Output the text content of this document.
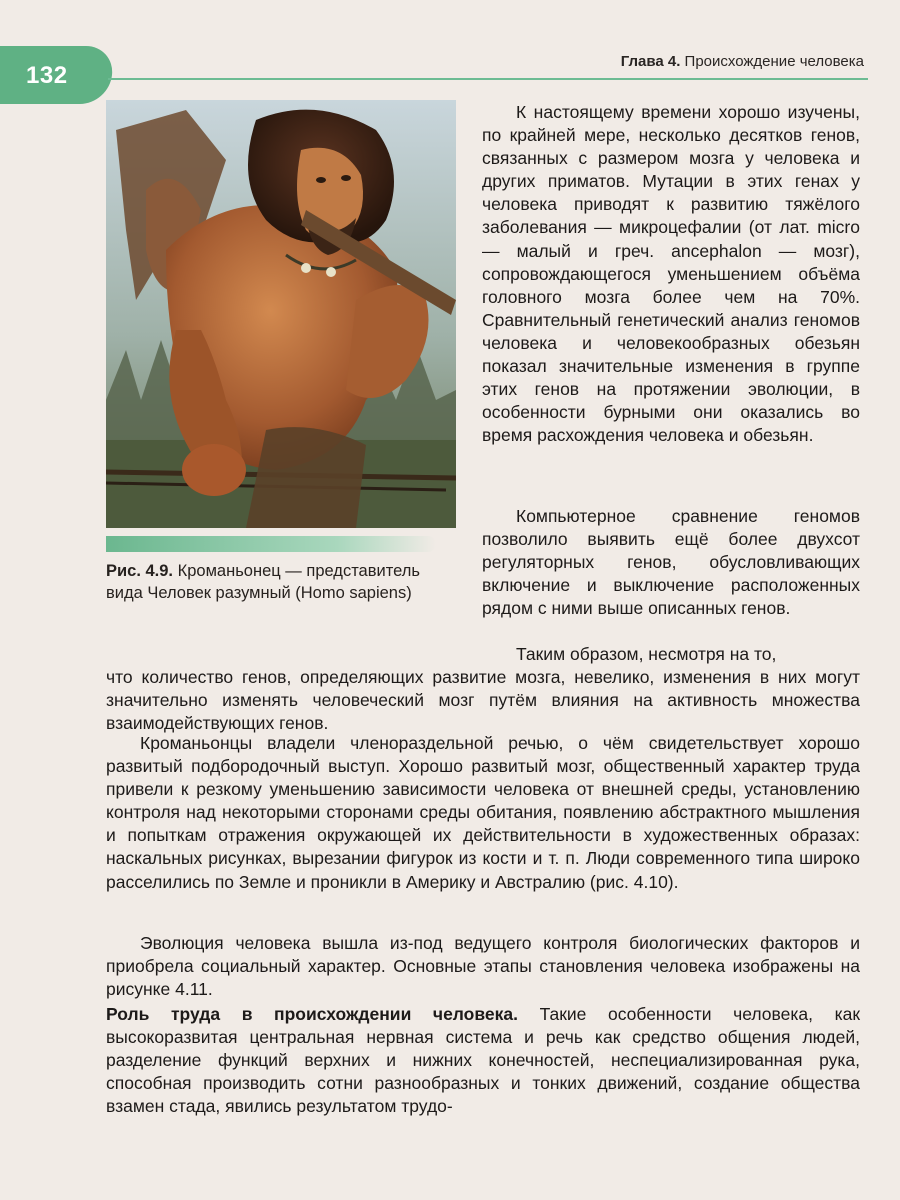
132
Глава 4. Происхождение человека
Рис. 4.9. Кроманьонец — представитель вида Человек разумный (Homo sapiens)

К настоящему времени хорошо изучены, по крайней мере, несколько десятков генов, связанных с размером мозга у человека и других приматов. Мутации в этих генах у человека приводят к развитию тяжёлого заболевания — микроцефалии (от лат. micro — малый и греч. ancephalon — мозг), сопровождающегося уменьшением объёма головного мозга более чем на 70%. Сравнительный генетический анализ геномов человека и человекообразных обезьян показал значительные изменения в группе этих генов на протяжении эволюции, в особенности бурными они оказались во время расхождения человека и обезьян.

Компьютерное сравнение геномов позволило выявить ещё более двухсот регуляторных генов, обусловливающих включение и выключение расположенных рядом с ними выше описанных генов.

Таким образом, несмотря на то,

что количество генов, определяющих развитие мозга, невелико, изменения в них могут значительно изменять человеческий мозг путём влияния на активность множества взаимодействующих генов.

Кроманьонцы владели членораздельной речью, о чём свидетельствует хорошо развитый подбородочный выступ. Хорошо развитый мозг, общественный характер труда привели к резкому уменьшению зависимости человека от внешней среды, установлению контроля над некоторыми сторонами среды обитания, появлению абстрактного мышления и попыткам отражения окружающей их действительности в художественных образах: наскальных рисунках, вырезании фигурок из кости и т. п. Люди современного типа широко расселились по Земле и проникли в Америку и Австралию (рис. 4.10).

Эволюция человека вышла из-под ведущего контроля биологических факторов и приобрела социальный характер. Основные этапы становления человека изображены на рисунке 4.11.

Роль труда в происхождении человека. Такие особенности человека, как высокоразвитая центральная нервная система и речь как средство общения людей, разделение функций верхних и нижних конечностей, неспециализированная рука, способная производить сотни разнообразных и тонких движений, создание общества взамен стада, явились результатом трудо-
